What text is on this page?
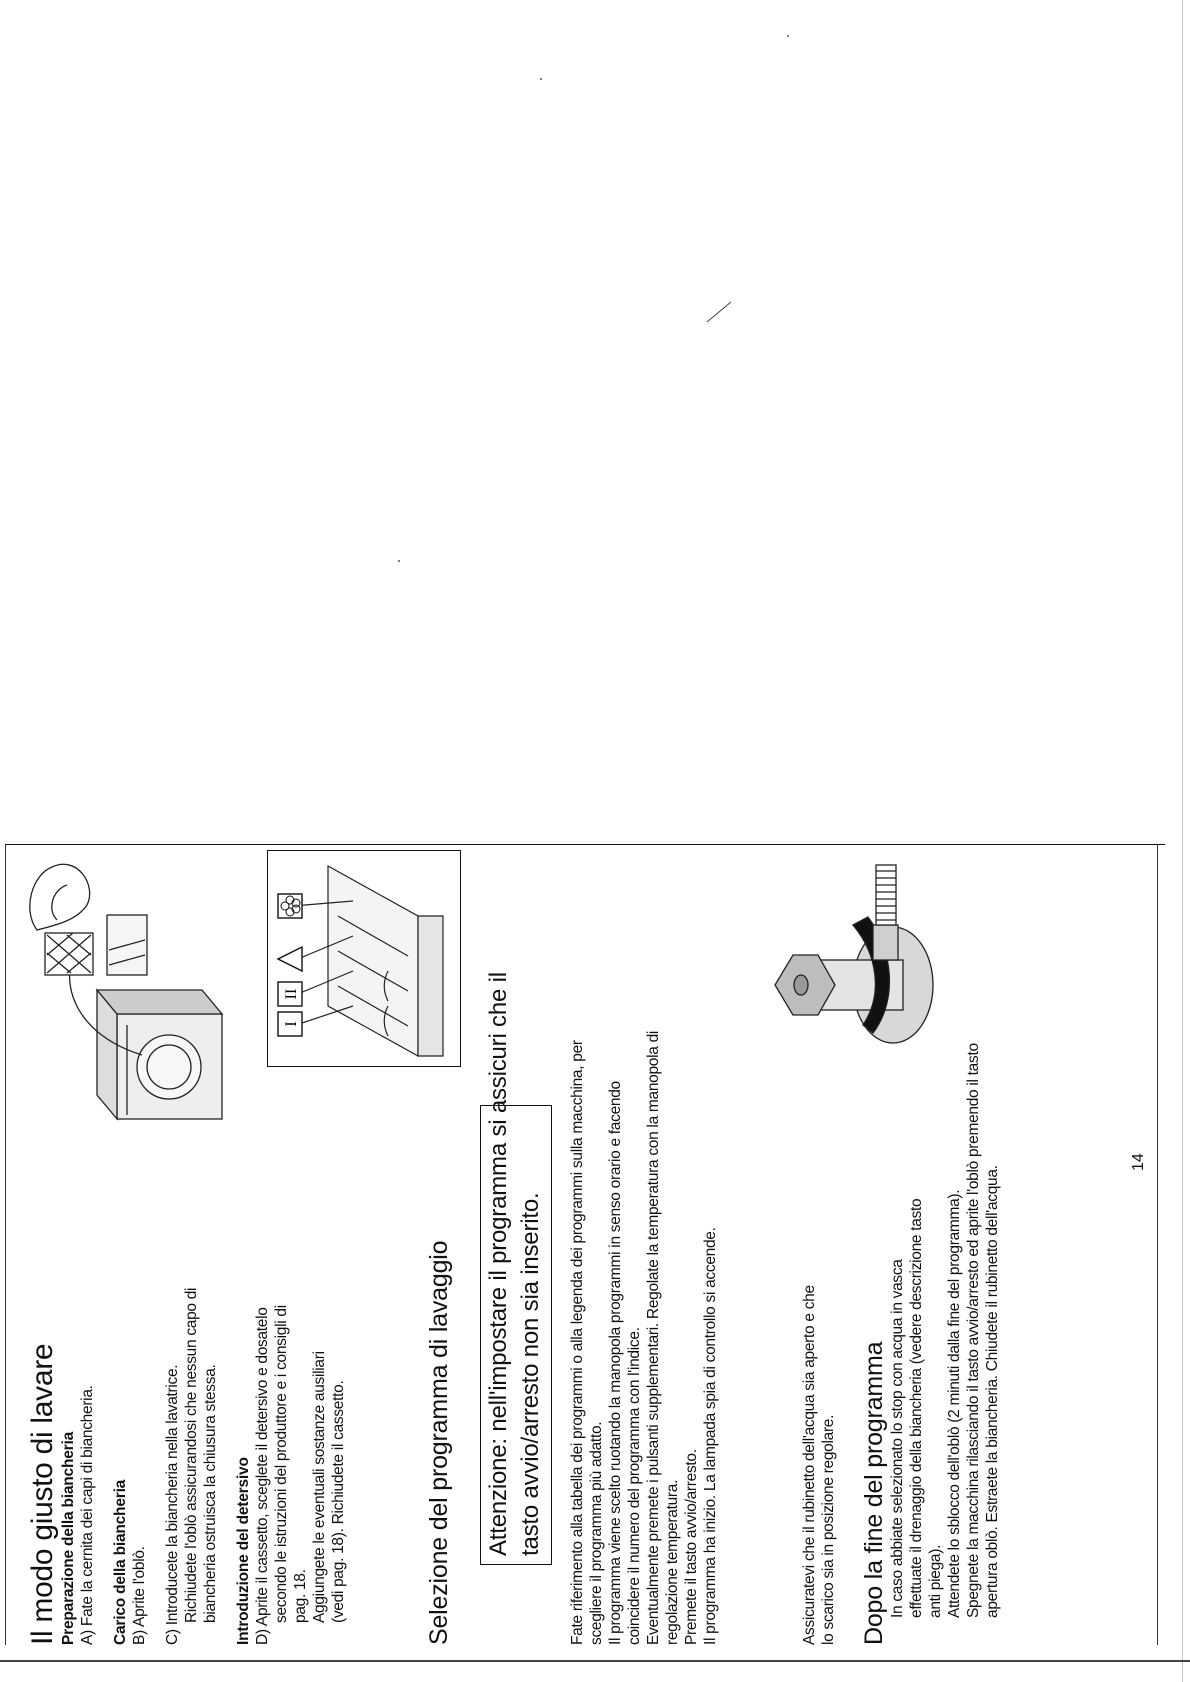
Il modo giusto di lavare Preparazione della biancheria A) Fate la cernita dei capi di biancheria. Carico della biancheria B) Aprite l'oblò. C) Introducete la biancheria nella lavatrice. Richiudete l'oblò assicurandosi che nessun capo di biancheria ostruisca la chiusura stessa. Introduzione del detersivo D) Aprite il cassetto, sceglete il detersivo e dosatelo secondo le istruzioni del produttore e i consigli di pag. 18. Aggiungete le eventuali sostanze ausiliari (vedi pag. 18). Richiudete il cassetto.

I
II

Selezione del programma di lavaggio Attenzione: nell'impostare il programma si assicuri che il tasto avvio/arresto non sia inserito. Fate riferimento alla tabella dei programmi o alla legenda dei programmi sulla macchina, per scegliere il programma più adatto. Il programma viene scelto ruotando la manopola programmi in senso orario e facendo coincidere il numero del programma con l'indice. Eventualmente premete i pulsanti supplementari. Regolate la temperatura con la manopola di regolazione temperatura. Premete il tasto avvio/arresto. Il programma ha inizio. La lampada spia di controllo si accende.	Assicuratevi che il rubinetto dell'acqua sia aperto e che lo scarico sia in posizione regolare. Dopo la fine del programma In caso abbiate selezionato lo stop con acqua in vasca effettuate il drenaggio della biancheria (vedere descrizione tasto anti piega). Attendete lo sblocco dell'oblò (2 minuti dalla fine del programma). Spegnete la macchina rilasciando il tasto avvio/arresto ed aprite l'oblò premendo il tasto apertura oblò. Estraete la biancheria. Chiudete il rubinetto dell'acqua.

14
